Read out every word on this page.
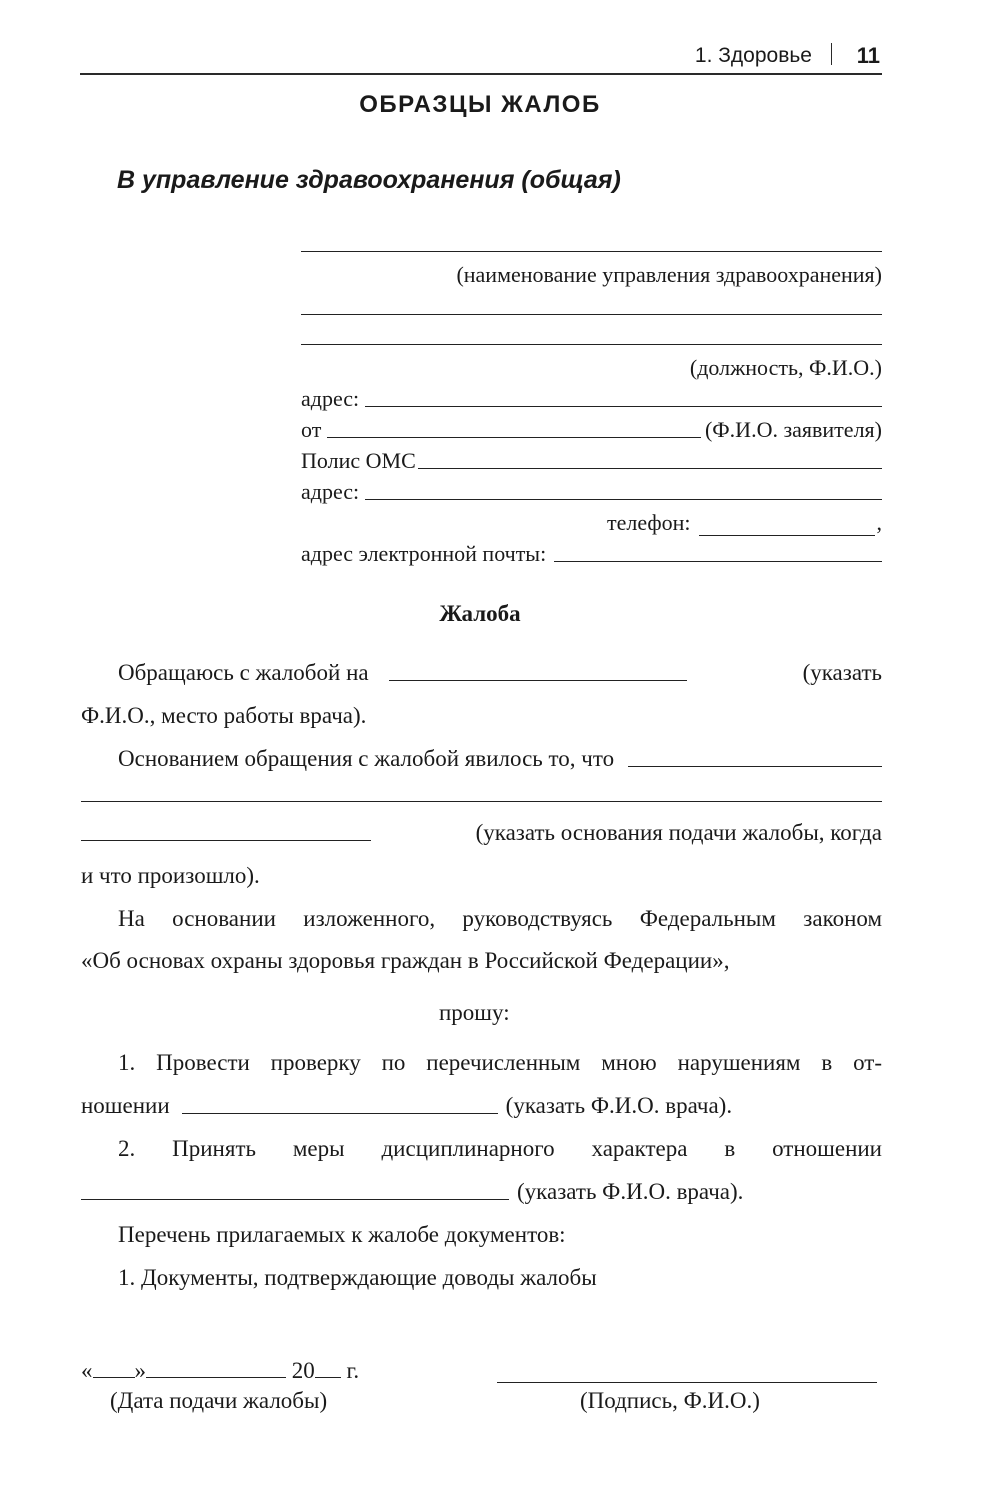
1. Здоровье 11
ОБРАЗЦЫ ЖАЛОБ
В управление здравоохранения (общая)
(наименование управления здравоохранения)
(должность, Ф.И.О.)
адрес:
от	(Ф.И.О. заявителя)
Полис ОМС
адрес:
телефон:	,
адрес электронной почты:
Жалоба
Обращаюсь с жалобой на	(указать
Ф.И.О., место работы врача).
Основанием обращения с жалобой явилось то, что
(указать основания подачи жалобы, когда
и что произошло).
На основании изложенного, руководствуясь Федеральным законом
«Об основах охраны здоровья граждан в Российской Федерации»,
прошу:
1. Провести проверку по перечисленным мною нарушениям в от-
ношении	(указать Ф.И.О. врача).
2. Принять меры дисциплинарного характера в отношении
(указать Ф.И.О. врача).
Перечень прилагаемых к жалобе документов:
1. Документы, подтверждающие доводы жалобы
« »	20 г.
(Дата подачи жалобы)	(Подпись, Ф.И.О.)
